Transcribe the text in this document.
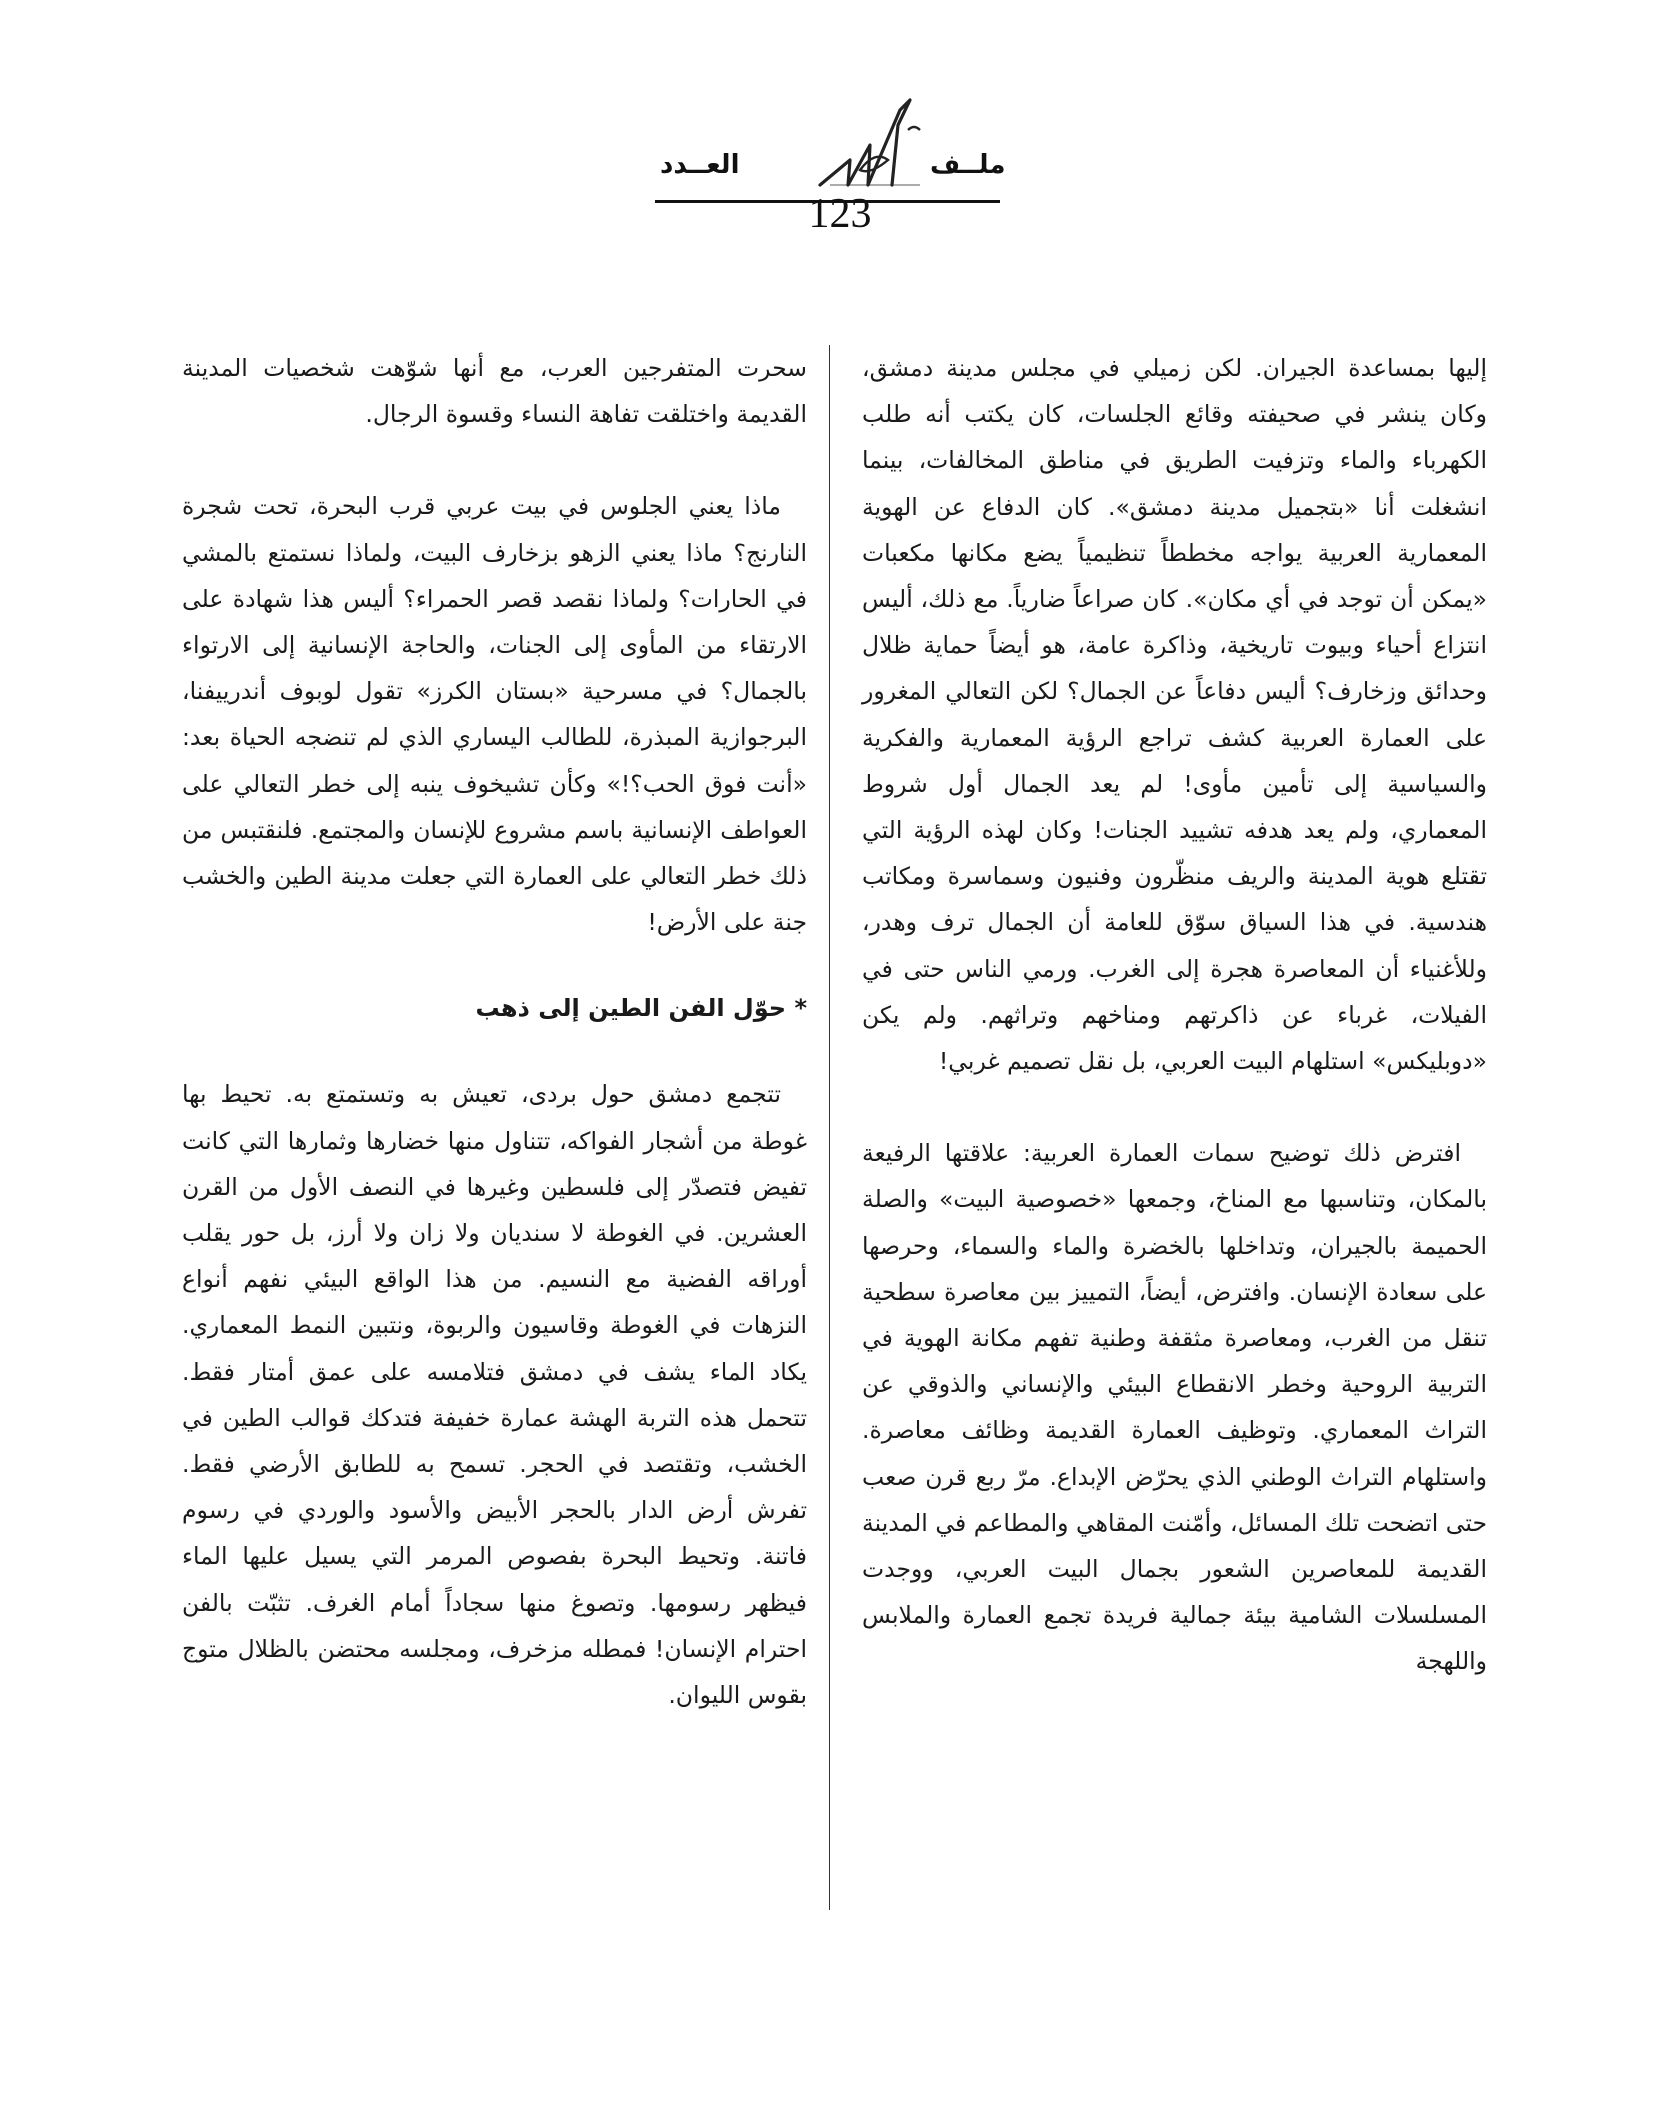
ملــف
العــدد
123

إليها بمساعدة الجيران. لكن زميلي في مجلس مدينة دمشق، وكان ينشر في صحيفته وقائع الجلسات، كان يكتب أنه طلب الكهرباء والماء وتزفيت الطريق في مناطق المخالفات، بينما انشغلت أنا «بتجميل مدينة دمشق». كان الدفاع عن الهوية المعمارية العربية يواجه مخططاً تنظيمياً يضع مكانها مكعبات «يمكن أن توجد في أي مكان». كان صراعاً ضارياً. مع ذلك، أليس انتزاع أحياء وبيوت تاريخية، وذاكرة عامة، هو أيضاً حماية ظلال وحدائق وزخارف؟ أليس دفاعاً عن الجمال؟ لكن التعالي المغرور على العمارة العربية كشف تراجع الرؤية المعمارية والفكرية والسياسية إلى تأمين مأوى! لم يعد الجمال أول شروط المعماري، ولم يعد هدفه تشييد الجنات! وكان لهذه الرؤية التي تقتلع هوية المدينة والريف منظّرون وفنيون وسماسرة ومكاتب هندسية. في هذا السياق سوّق للعامة أن الجمال ترف وهدر، وللأغنياء أن المعاصرة هجرة إلى الغرب. ورمي الناس حتى في الفيلات، غرباء عن ذاكرتهم ومناخهم وتراثهم. ولم يكن «دوبليكس» استلهام البيت العربي، بل نقل تصميم غربي!

افترض ذلك توضيح سمات العمارة العربية: علاقتها الرفيعة بالمكان، وتناسبها مع المناخ، وجمعها «خصوصية البيت» والصلة الحميمة بالجيران، وتداخلها بالخضرة والماء والسماء، وحرصها على سعادة الإنسان. وافترض، أيضاً، التمييز بين معاصرة سطحية تنقل من الغرب، ومعاصرة مثقفة وطنية تفهم مكانة الهوية في التربية الروحية وخطر الانقطاع البيئي والإنساني والذوقي عن التراث المعماري. وتوظيف العمارة القديمة وظائف معاصرة. واستلهام التراث الوطني الذي يحرّض الإبداع. مرّ ربع قرن صعب حتى اتضحت تلك المسائل، وأمّنت المقاهي والمطاعم في المدينة القديمة للمعاصرين الشعور بجمال البيت العربي، ووجدت المسلسلات الشامية بيئة جمالية فريدة تجمع العمارة والملابس واللهجة

سحرت المتفرجين العرب، مع أنها شوّهت شخصيات المدينة القديمة واختلقت تفاهة النساء وقسوة الرجال.

ماذا يعني الجلوس في بيت عربي قرب البحرة، تحت شجرة النارنج؟ ماذا يعني الزهو بزخارف البيت، ولماذا نستمتع بالمشي في الحارات؟ ولماذا نقصد قصر الحمراء؟ أليس هذا شهادة على الارتقاء من المأوى إلى الجنات، والحاجة الإنسانية إلى الارتواء بالجمال؟ في مسرحية «بستان الكرز» تقول لوبوف أندرييفنا، البرجوازية المبذرة، للطالب اليساري الذي لم تنضجه الحياة بعد: «أنت فوق الحب؟!» وكأن تشيخوف ينبه إلى خطر التعالي على العواطف الإنسانية باسم مشروع للإنسان والمجتمع. فلنقتبس من ذلك خطر التعالي على العمارة التي جعلت مدينة الطين والخشب جنة على الأرض!

* حوّل الفن الطين إلى ذهب

تتجمع دمشق حول بردى، تعيش به وتستمتع به. تحيط بها غوطة من أشجار الفواكه، تتناول منها خضارها وثمارها التي كانت تفيض فتصدّر إلى فلسطين وغيرها في النصف الأول من القرن العشرين. في الغوطة لا سنديان ولا زان ولا أرز، بل حور يقلب أوراقه الفضية مع النسيم. من هذا الواقع البيئي نفهم أنواع النزهات في الغوطة وقاسيون والربوة، ونتبين النمط المعماري. يكاد الماء يشف في دمشق فتلامسه على عمق أمتار فقط. تتحمل هذه التربة الهشة عمارة خفيفة فتدكك قوالب الطين في الخشب، وتقتصد في الحجر. تسمح به للطابق الأرضي فقط. تفرش أرض الدار بالحجر الأبيض والأسود والوردي في رسوم فاتنة. وتحيط البحرة بفصوص المرمر التي يسيل عليها الماء فيظهر رسومها. وتصوغ منها سجاداً أمام الغرف. تثبّت بالفن احترام الإنسان! فمطله مزخرف، ومجلسه محتضن بالظلال متوج بقوس الليوان.
